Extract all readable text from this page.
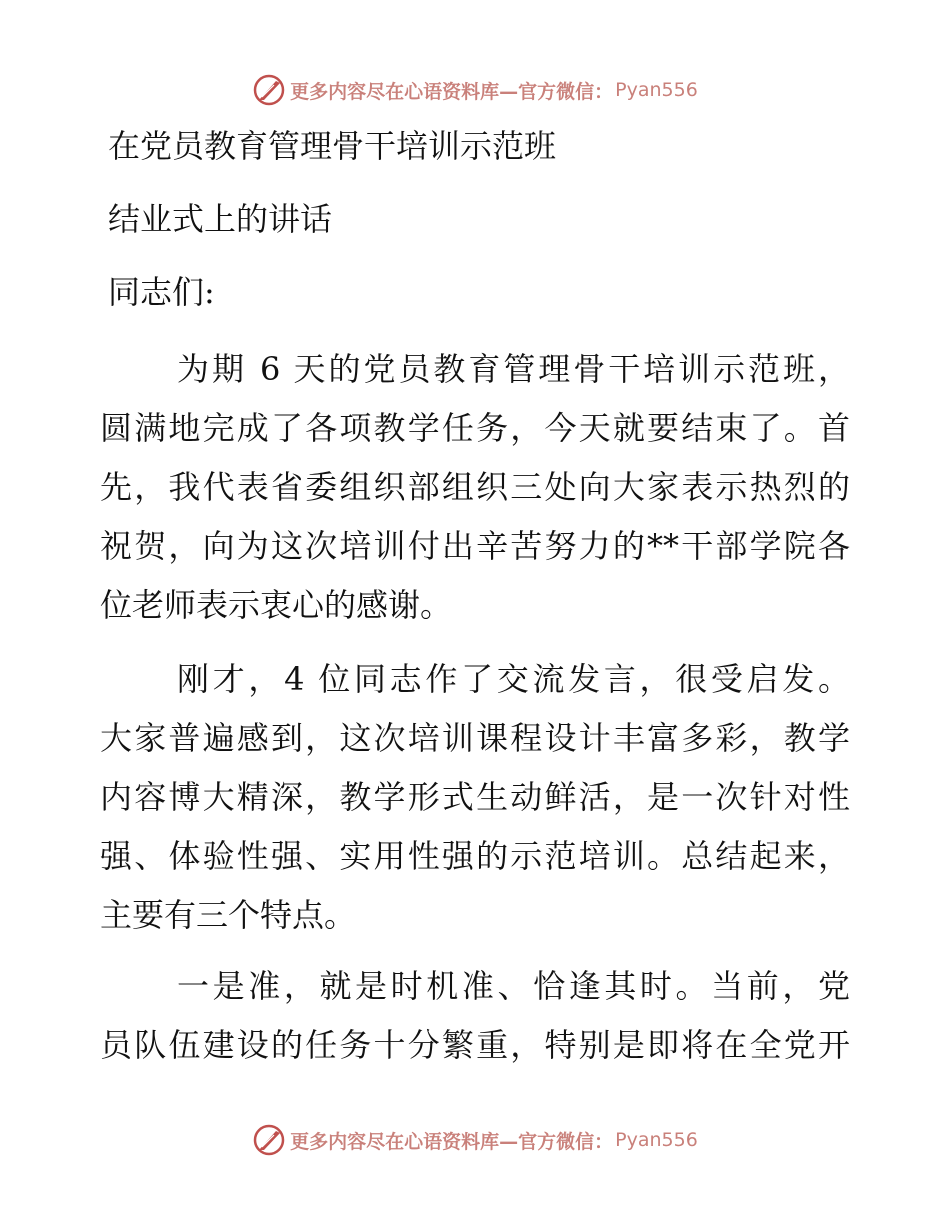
更多内容尽在心语资料库—官方微信： Pyan556

在党员教育管理骨干培训示范班

结业式上的讲话

同志们:

为期 6 天的党员教育管理骨干培训示范班，
圆满地完成了各项教学任务，今天就要结束了。首
先，我代表省委组织部组织三处向大家表示热烈的
祝贺，向为这次培训付出辛苦努力的**干部学院各
位老师表示衷心的感谢。
刚才，4 位同志作了交流发言，很受启发。
大家普遍感到，这次培训课程设计丰富多彩，教学
内容博大精深，教学形式生动鲜活，是一次针对性
强、体验性强、实用性强的示范培训。总结起来，
主要有三个特点。
一是准，就是时机准、恰逢其时。当前，党
员队伍建设的任务十分繁重，特别是即将在全党开
更多内容尽在心语资料库—官方微信： Pyan556
